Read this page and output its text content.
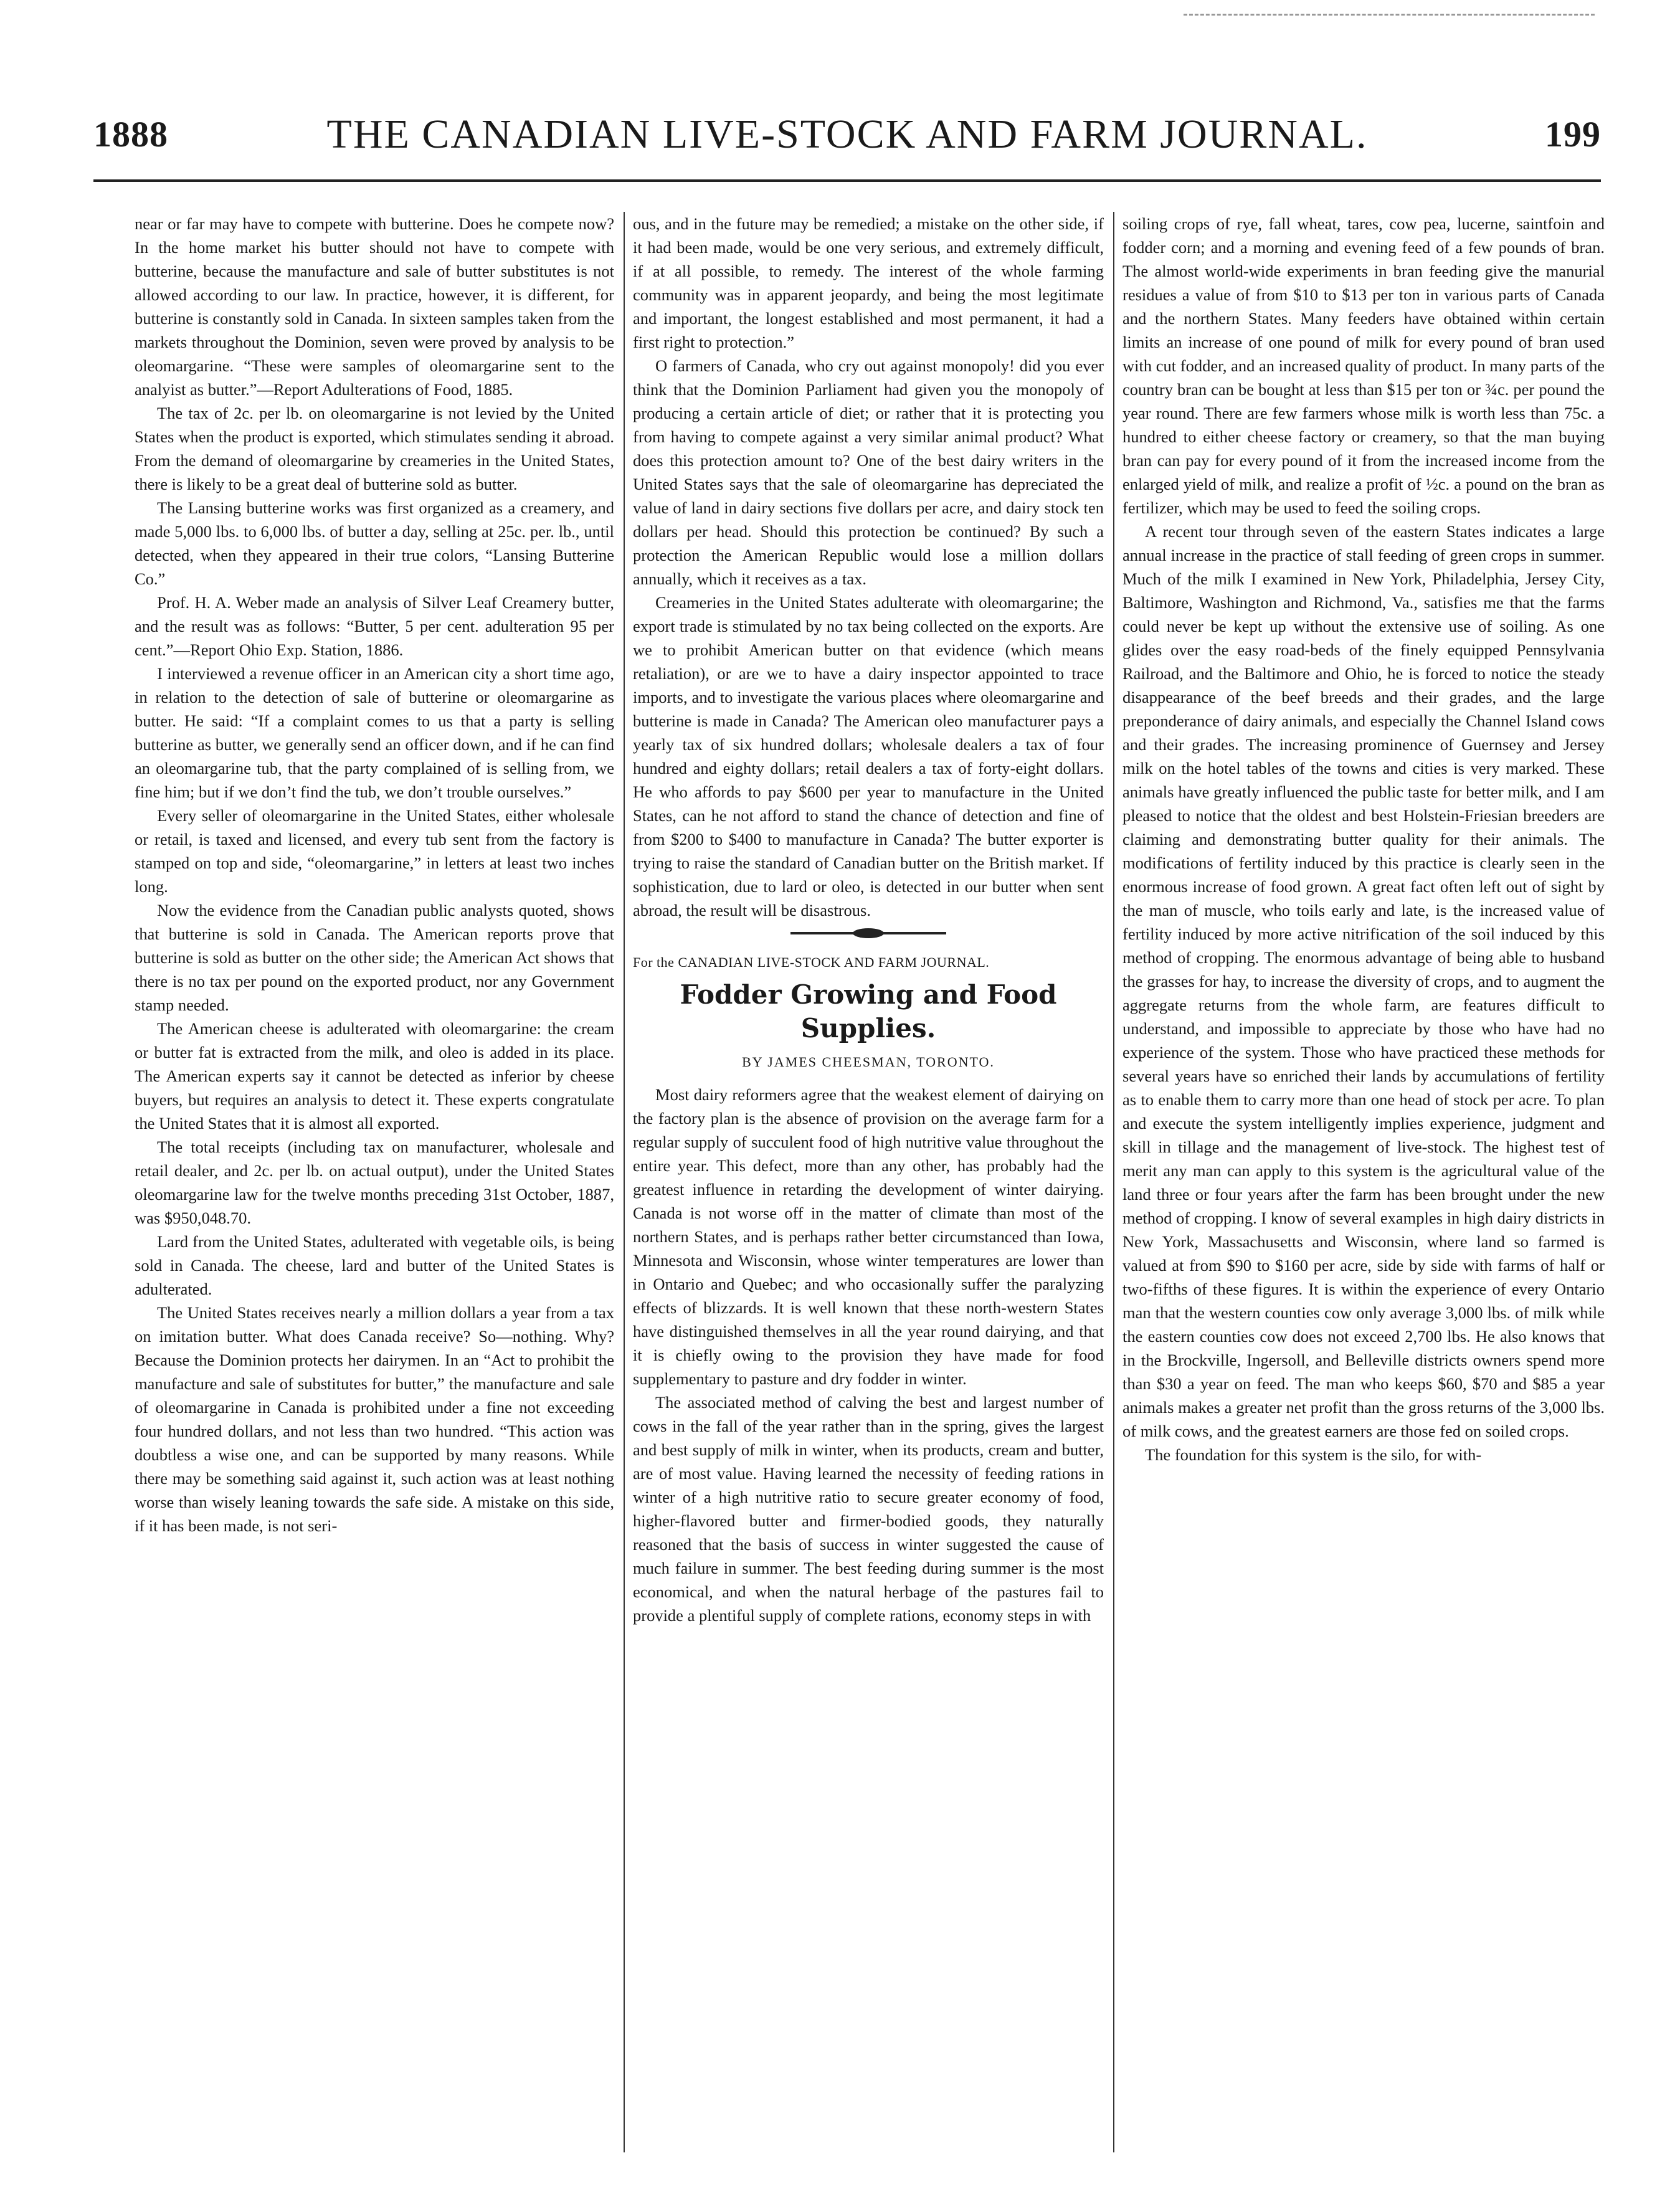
1888	THE CANADIAN LIVE-STOCK AND FARM JOURNAL.	199

near or far may have to compete with butterine. Does he compete now? In the home market his butter should not have to compete with butterine, because the manufacture and sale of butter substitutes is not allowed according to our law. In practice, however, it is different, for butterine is constantly sold in Canada. In sixteen samples taken from the markets throughout the Dominion, seven were proved by analysis to be oleomargarine. “These were samples of oleomargarine sent to the analyist as butter.”—Report Adulterations of Food, 1885.

The tax of 2c. per lb. on oleomargarine is not levied by the United States when the product is exported, which stimulates sending it abroad. From the demand of oleomargarine by creameries in the United States, there is likely to be a great deal of butterine sold as butter.

The Lansing butterine works was first organized as a creamery, and made 5,000 lbs. to 6,000 lbs. of butter a day, selling at 25c. per. lb., until detected, when they appeared in their true colors, “Lansing Butterine Co.”

Prof. H. A. Weber made an analysis of Silver Leaf Creamery butter, and the result was as follows: “Butter, 5 per cent. adulteration 95 per cent.”—Report Ohio Exp. Station, 1886.

I interviewed a revenue officer in an American city a short time ago, in relation to the detection of sale of butterine or oleomargarine as butter. He said: “If a complaint comes to us that a party is selling butterine as butter, we generally send an officer down, and if he can find an oleomargarine tub, that the party complained of is selling from, we fine him; but if we don’t find the tub, we don’t trouble ourselves.”

Every seller of oleomargarine in the United States, either wholesale or retail, is taxed and licensed, and every tub sent from the factory is stamped on top and side, “oleomargarine,” in letters at least two inches long.

Now the evidence from the Canadian public analysts quoted, shows that butterine is sold in Canada. The American reports prove that butterine is sold as butter on the other side; the American Act shows that there is no tax per pound on the exported product, nor any Government stamp needed.

The American cheese is adulterated with oleomargarine: the cream or butter fat is extracted from the milk, and oleo is added in its place. The American experts say it cannot be detected as inferior by cheese buyers, but requires an analysis to detect it. These experts congratulate the United States that it is almost all exported.

The total receipts (including tax on manufacturer, wholesale and retail dealer, and 2c. per lb. on actual output), under the United States oleomargarine law for the twelve months preceding 31st October, 1887, was $950,048.70.

Lard from the United States, adulterated with vegetable oils, is being sold in Canada. The cheese, lard and butter of the United States is adulterated.

The United States receives nearly a million dollars a year from a tax on imitation butter. What does Canada receive? So—nothing. Why? Because the Dominion protects her dairymen. In an “Act to prohibit the manufacture and sale of substitutes for butter,” the manufacture and sale of oleomargarine in Canada is prohibited under a fine not exceeding four hundred dollars, and not less than two hundred. “This action was doubtless a wise one, and can be supported by many reasons. While there may be something said against it, such action was at least nothing worse than wisely leaning towards the safe side. A mistake on this side, if it has been made, is not seri-

ous, and in the future may be remedied; a mistake on the other side, if it had been made, would be one very serious, and extremely difficult, if at all possible, to remedy. The interest of the whole farming community was in apparent jeopardy, and being the most legitimate and important, the longest established and most permanent, it had a first right to protection.”

O farmers of Canada, who cry out against monopoly! did you ever think that the Dominion Parliament had given you the monopoly of producing a certain article of diet; or rather that it is protecting you from having to compete against a very similar animal product? What does this protection amount to? One of the best dairy writers in the United States says that the sale of oleomargarine has depreciated the value of land in dairy sections five dollars per acre, and dairy stock ten dollars per head. Should this protection be continued? By such a protection the American Republic would lose a million dollars annually, which it receives as a tax.

Creameries in the United States adulterate with oleomargarine; the export trade is stimulated by no tax being collected on the exports. Are we to prohibit American butter on that evidence (which means retaliation), or are we to have a dairy inspector appointed to trace imports, and to investigate the various places where oleomargarine and butterine is made in Canada? The American oleo manufacturer pays a yearly tax of six hundred dollars; wholesale dealers a tax of four hundred and eighty dollars; retail dealers a tax of forty-eight dollars. He who affords to pay $600 per year to manufacture in the United States, can he not afford to stand the chance of detection and fine of from $200 to $400 to manufacture in Canada? The butter exporter is trying to raise the standard of Canadian butter on the British market. If sophistication, due to lard or oleo, is detected in our butter when sent abroad, the result will be disastrous.

For the CANADIAN LIVE-STOCK AND FARM JOURNAL.

Fodder Growing and Food Supplies.
BY JAMES CHEESMAN, TORONTO.

Most dairy reformers agree that the weakest element of dairying on the factory plan is the absence of provision on the average farm for a regular supply of succulent food of high nutritive value throughout the entire year. This defect, more than any other, has probably had the greatest influence in retarding the development of winter dairying. Canada is not worse off in the matter of climate than most of the northern States, and is perhaps rather better circumstanced than Iowa, Minnesota and Wisconsin, whose winter temperatures are lower than in Ontario and Quebec; and who occasionally suffer the paralyzing effects of blizzards. It is well known that these north-western States have distinguished themselves in all the year round dairying, and that it is chiefly owing to the provision they have made for food supplementary to pasture and dry fodder in winter.

The associated method of calving the best and largest number of cows in the fall of the year rather than in the spring, gives the largest and best supply of milk in winter, when its products, cream and butter, are of most value. Having learned the necessity of feeding rations in winter of a high nutritive ratio to secure greater economy of food, higher-flavored butter and firmer-bodied goods, they naturally reasoned that the basis of success in winter suggested the cause of much failure in summer. The best feeding during summer is the most economical, and when the natural herbage of the pastures fail to provide a plentiful supply of complete rations, economy steps in with

soiling crops of rye, fall wheat, tares, cow pea, lucerne, saintfoin and fodder corn; and a morning and evening feed of a few pounds of bran. The almost world-wide experiments in bran feeding give the manurial residues a value of from $10 to $13 per ton in various parts of Canada and the northern States. Many feeders have obtained within certain limits an increase of one pound of milk for every pound of bran used with cut fodder, and an increased quality of product. In many parts of the country bran can be bought at less than $15 per ton or ¾c. per pound the year round. There are few farmers whose milk is worth less than 75c. a hundred to either cheese factory or creamery, so that the man buying bran can pay for every pound of it from the increased income from the enlarged yield of milk, and realize a profit of ½c. a pound on the bran as fertilizer, which may be used to feed the soiling crops.

A recent tour through seven of the eastern States indicates a large annual increase in the practice of stall feeding of green crops in summer. Much of the milk I examined in New York, Philadelphia, Jersey City, Baltimore, Washington and Richmond, Va., satisfies me that the farms could never be kept up without the extensive use of soiling. As one glides over the easy road-beds of the finely equipped Pennsylvania Railroad, and the Baltimore and Ohio, he is forced to notice the steady disappearance of the beef breeds and their grades, and the large preponderance of dairy animals, and especially the Channel Island cows and their grades. The increasing prominence of Guernsey and Jersey milk on the hotel tables of the towns and cities is very marked. These animals have greatly influenced the public taste for better milk, and I am pleased to notice that the oldest and best Holstein-Friesian breeders are claiming and demonstrating butter quality for their animals. The modifications of fertility induced by this practice is clearly seen in the enormous increase of food grown. A great fact often left out of sight by the man of muscle, who toils early and late, is the increased value of fertility induced by more active nitrification of the soil induced by this method of cropping. The enormous advantage of being able to husband the grasses for hay, to increase the diversity of crops, and to augment the aggregate returns from the whole farm, are features difficult to understand, and impossible to appreciate by those who have had no experience of the system. Those who have practiced these methods for several years have so enriched their lands by accumulations of fertility as to enable them to carry more than one head of stock per acre. To plan and execute the system intelligently implies experience, judgment and skill in tillage and the management of live-stock. The highest test of merit any man can apply to this system is the agricultural value of the land three or four years after the farm has been brought under the new method of cropping. I know of several examples in high dairy districts in New York, Massachusetts and Wisconsin, where land so farmed is valued at from $90 to $160 per acre, side by side with farms of half or two-fifths of these figures. It is within the experience of every Ontario man that the western counties cow only average 3,000 lbs. of milk while the eastern counties cow does not exceed 2,700 lbs. He also knows that in the Brockville, Ingersoll, and Belleville districts owners spend more than $30 a year on feed. The man who keeps $60, $70 and $85 a year animals makes a greater net profit than the gross returns of the 3,000 lbs. of milk cows, and the greatest earners are those fed on soiled crops.

The foundation for this system is the silo, for with-
